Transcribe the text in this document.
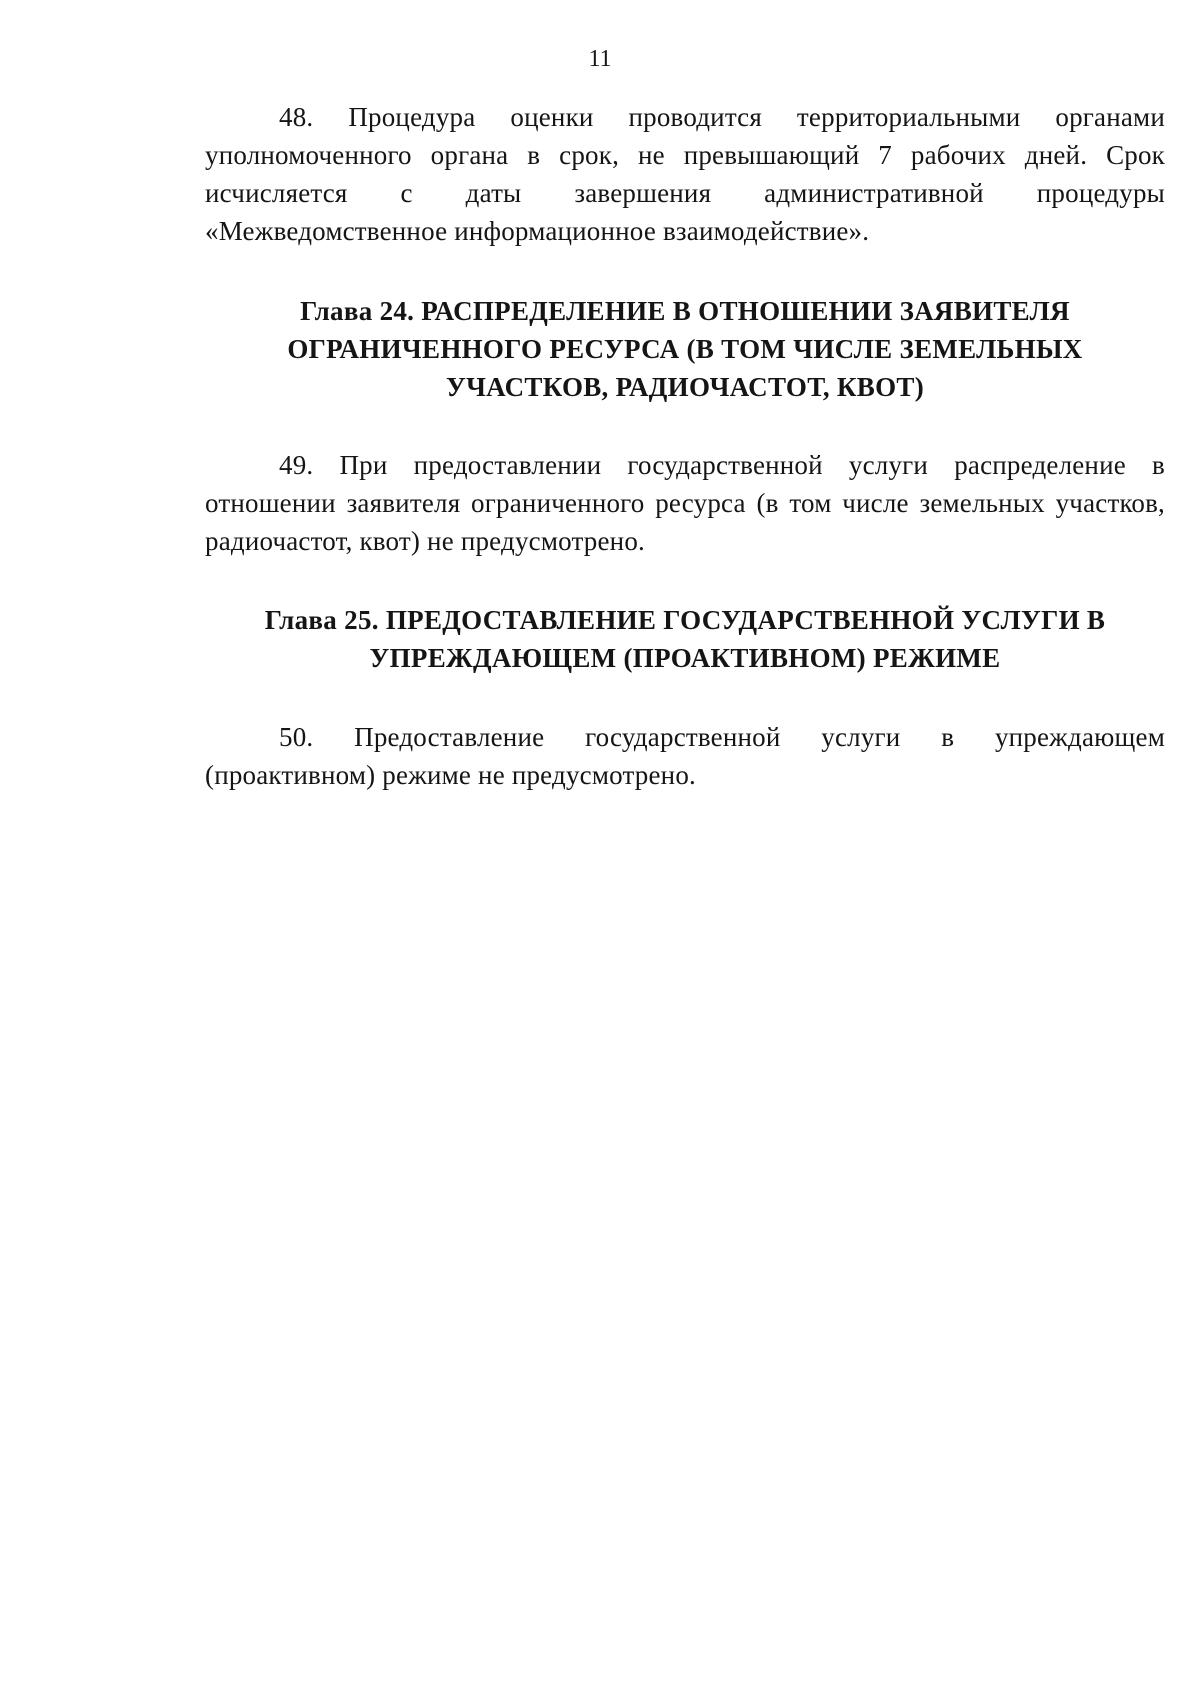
11

48. Процедура оценки проводится территориальными органами уполномоченного органа в срок, не превышающий 7 рабочих дней. Срок исчисляется с даты завершения административной процедуры «Межведомственное информационное взаимодействие».

Глава 24. РАСПРЕДЕЛЕНИЕ В ОТНОШЕНИИ ЗАЯВИТЕЛЯ ОГРАНИЧЕННОГО РЕСУРСА (В ТОМ ЧИСЛЕ ЗЕМЕЛЬНЫХ УЧАСТКОВ, РАДИОЧАСТОТ, КВОТ)

49. При предоставлении государственной услуги распределение в отношении заявителя ограниченного ресурса (в том числе земельных участков, радиочастот, квот) не предусмотрено.

Глава 25. ПРЕДОСТАВЛЕНИЕ ГОСУДАРСТВЕННОЙ УСЛУГИ В УПРЕЖДАЮЩЕМ (ПРОАКТИВНОМ) РЕЖИМЕ

50. Предоставление государственной услуги в упреждающем (проактивном) режиме не предусмотрено.
